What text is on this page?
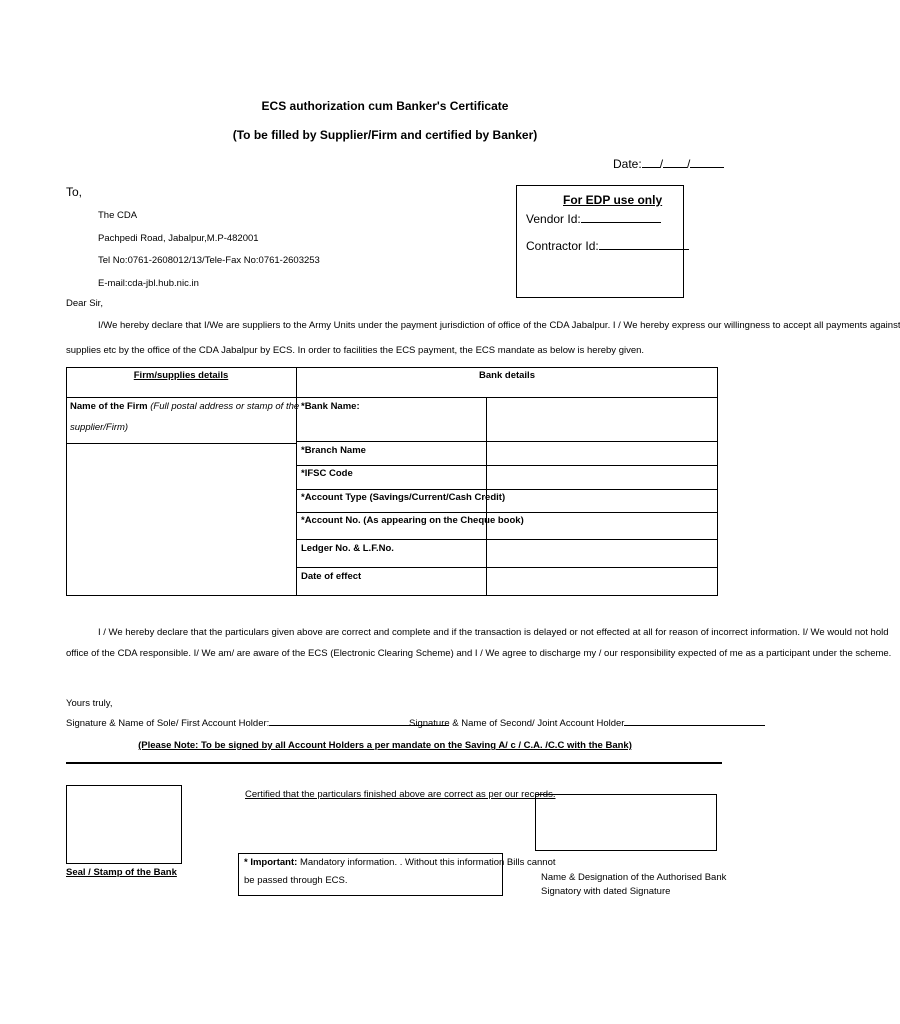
ECS authorization cum Banker's Certificate
(To be filled by Supplier/Firm and certified by Banker)
Date: / /
To,
The CDA
Pachpedi Road, Jabalpur,M.P-482001
Tel No:0761-2608012/13/Tele-Fax No:0761-2603253
E-mail:cda-jbl.hub.nic.in
For EDP use only
Vendor Id:
Contractor Id:
Dear Sir,
I/We hereby declare that I/We are suppliers to the Army Units under the payment jurisdiction of office of the CDA Jabalpur. I / We hereby express our willingness to accept all payments against
supplies etc by the office of the CDA Jabalpur by ECS. In order to facilities the ECS payment, the ECS mandate as below is hereby given.
Firm/supplies details	Bank details
Name of the Firm (Full postal address or stamp of the
supplier/Firm)
*Bank Name:
*Branch Name
*IFSC Code
*Account Type (Savings/Current/Cash Credit)
*Account No. (As appearing on the Cheque book)
Ledger No. & L.F.No.
Date of effect
I / We hereby declare that the particulars given above are correct and complete and if the transaction is delayed or not effected at all for reason of incorrect information. I/ We would not hold
office of the CDA responsible. I/ We am/ are aware of the ECS (Electronic Clearing Scheme) and I / We agree to discharge my / our responsibility expected of me as a participant under the scheme.
Yours truly,
Signature & Name of Sole/ First Account Holder:	Signature & Name of Second/ Joint Account Holder
(Please Note: To be signed by all Account Holders a per mandate on the Saving A/ c / C.A. /C.C with the Bank)
Seal / Stamp of the Bank
Certified that the particulars finished above are correct as per our records.
* Important: Mandatory information. . Without this information Bills cannot
be passed through ECS.	Name & Designation of the Authorised Bank
Signatory with dated Signature
